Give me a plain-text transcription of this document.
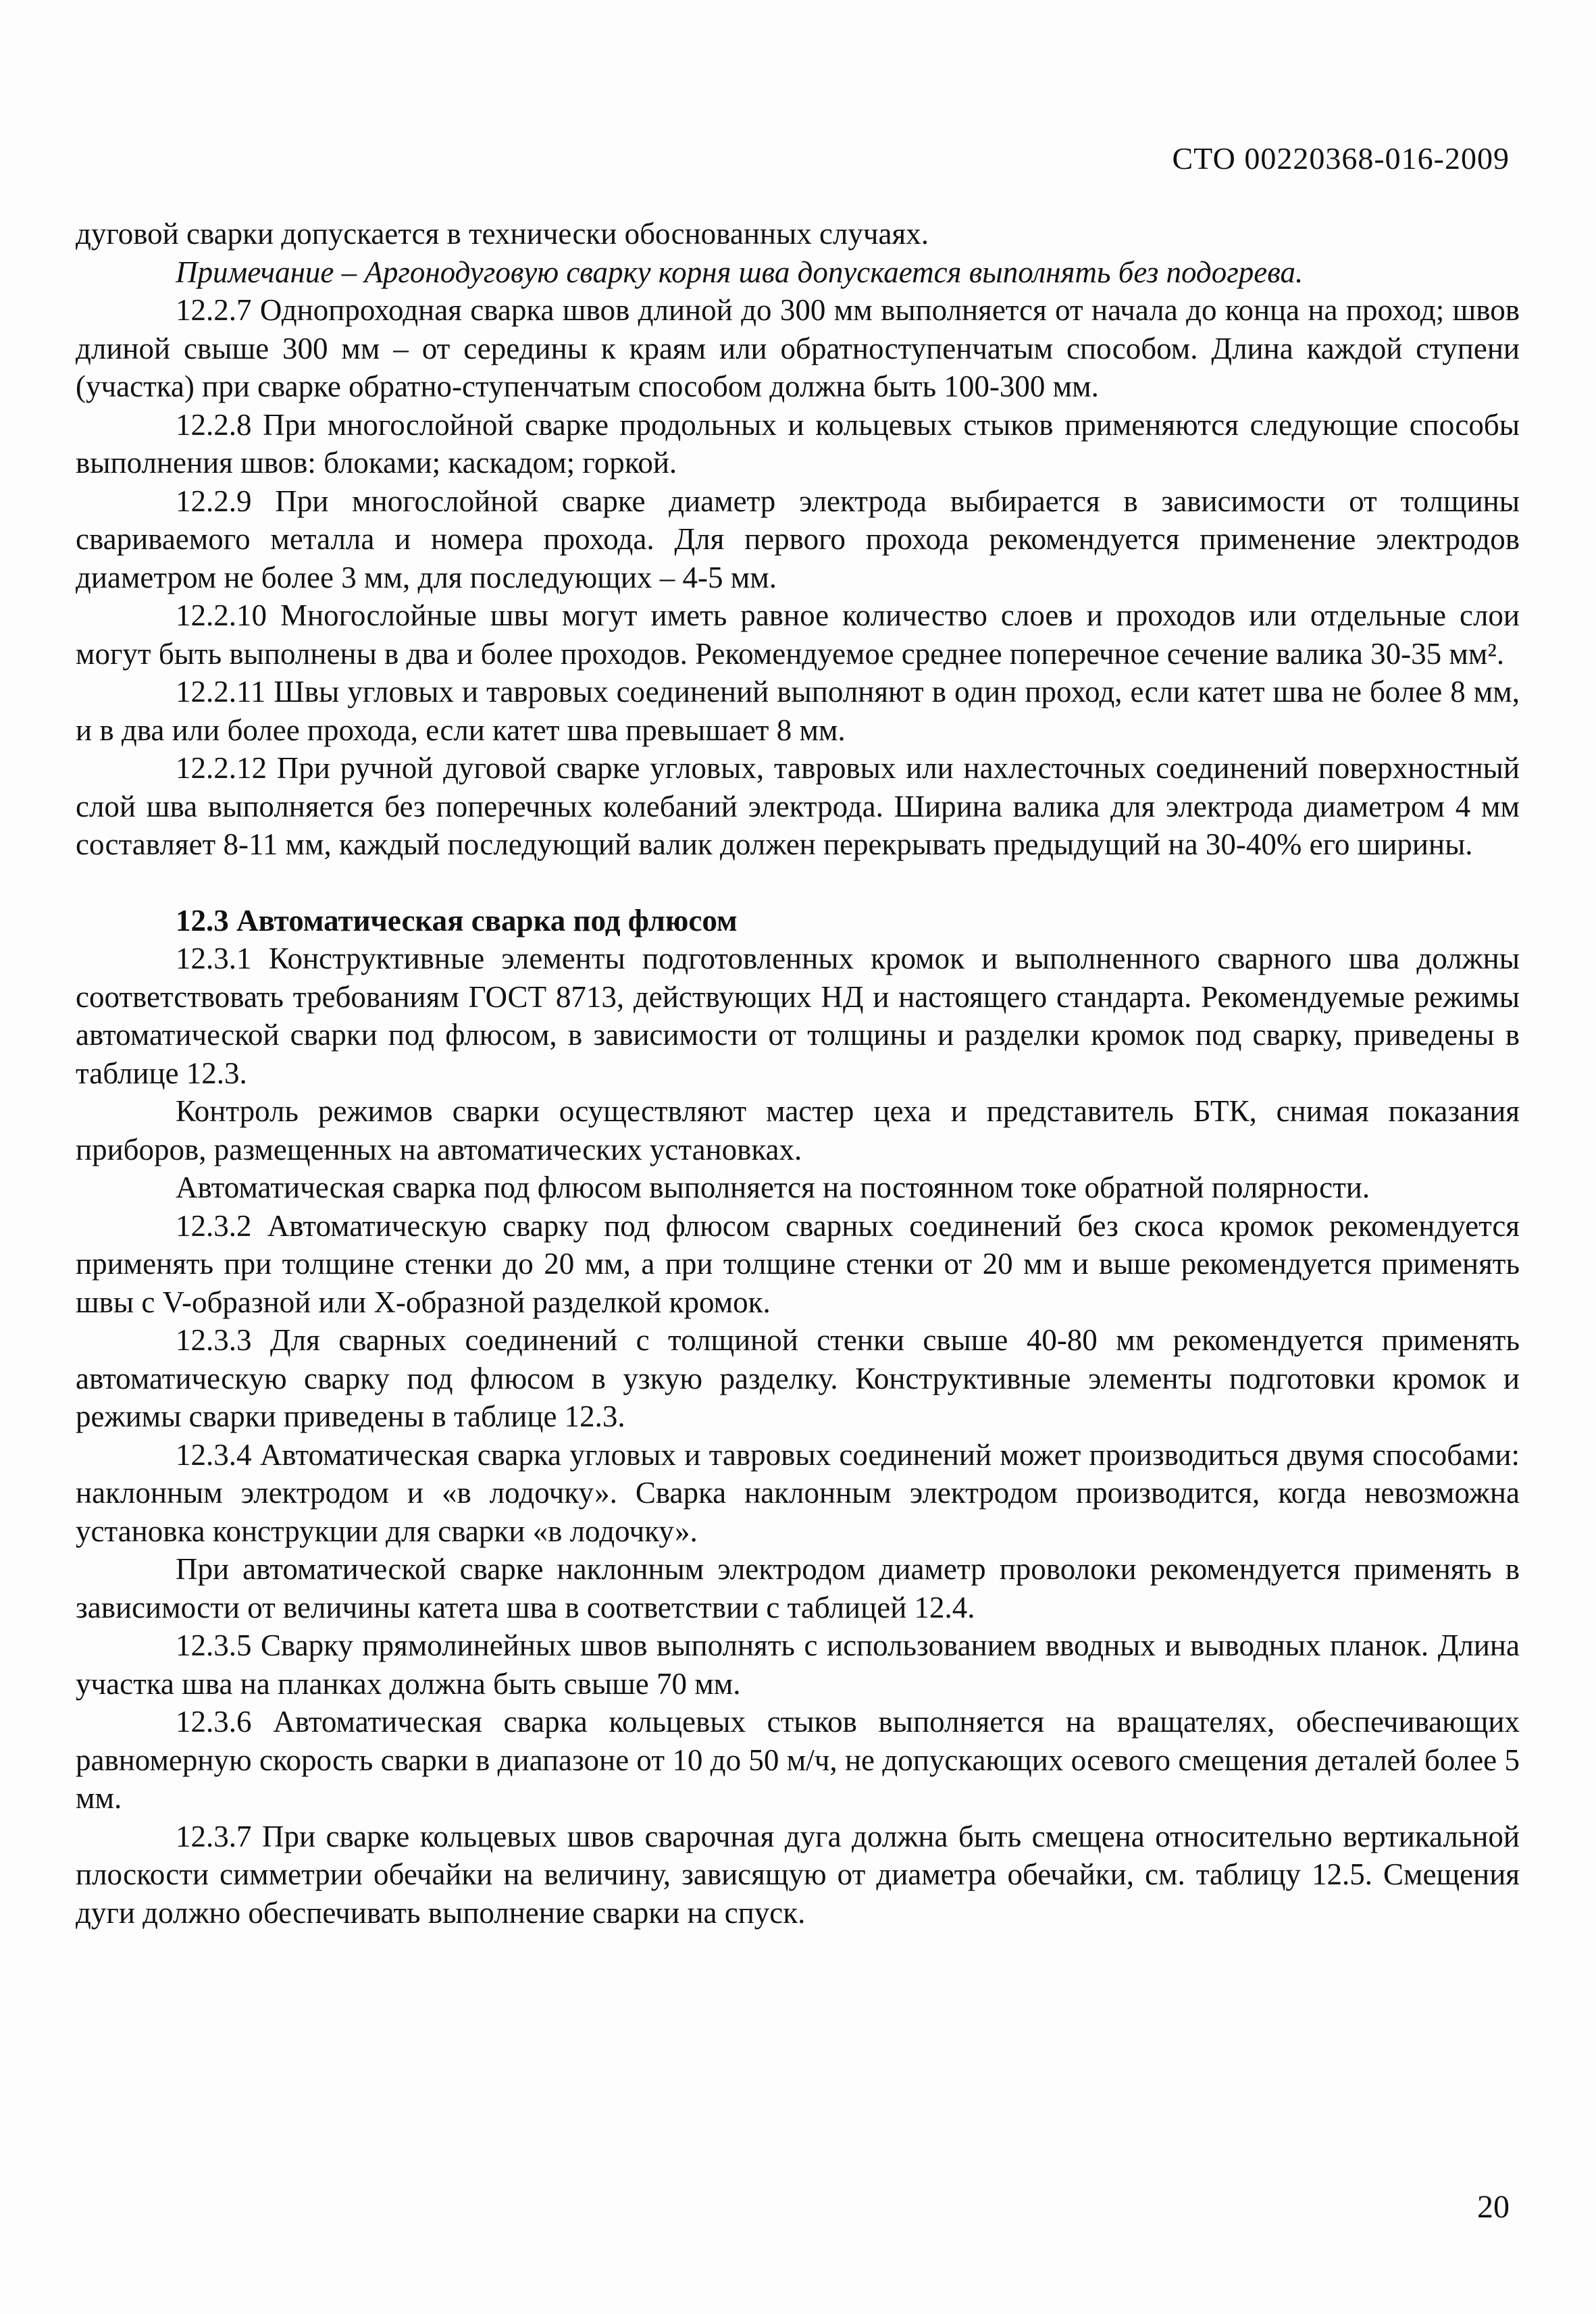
СТО 00220368-016-2009

дуговой сварки допускается в технически обоснованных случаях.

Примечание – Аргонодуговую сварку корня шва допускается выполнять без подогрева.

12.2.7 Однопроходная сварка швов длиной до 300 мм выполняется от начала до конца на проход; швов длиной свыше 300 мм – от середины к краям или обратноступенчатым способом. Длина каждой ступени (участка) при сварке обратно-ступенчатым способом должна быть 100-300 мм.

12.2.8 При многослойной сварке продольных и кольцевых стыков применяются следующие способы выполнения швов: блоками; каскадом; горкой.

12.2.9 При многослойной сварке диаметр электрода выбирается в зависимости от толщины свариваемого металла и номера прохода. Для первого прохода рекомендуется применение электродов диаметром не более 3 мм, для последующих – 4-5 мм.

12.2.10 Многослойные швы могут иметь равное количество слоев и проходов или отдельные слои могут быть выполнены в два и более проходов. Рекомендуемое среднее поперечное сечение валика 30-35 мм².

12.2.11 Швы угловых и тавровых соединений выполняют в один проход, если катет шва не более 8 мм, и в два или более прохода, если катет шва превышает 8 мм.

12.2.12 При ручной дуговой сварке угловых, тавровых или нахлесточных соединений поверхностный слой шва выполняется без поперечных колебаний электрода. Ширина валика для электрода диаметром 4 мм составляет 8-11 мм, каждый последующий валик должен перекрывать предыдущий на 30-40% его ширины.

12.3 Автоматическая сварка под флюсом

12.3.1 Конструктивные элементы подготовленных кромок и выполненного сварного шва должны соответствовать требованиям ГОСТ 8713, действующих НД и настоящего стандарта. Рекомендуемые режимы автоматической сварки под флюсом, в зависимости от толщины и разделки кромок под сварку, приведены в таблице 12.3.

Контроль режимов сварки осуществляют мастер цеха и представитель БТК, снимая показания приборов, размещенных на автоматических установках.

Автоматическая сварка под флюсом выполняется на постоянном токе обратной полярности.

12.3.2 Автоматическую сварку под флюсом сварных соединений без скоса кромок рекомендуется применять при толщине стенки до 20 мм, а при толщине стенки от 20 мм и выше рекомендуется применять швы с V-образной или X-образной разделкой кромок.

12.3.3 Для сварных соединений с толщиной стенки свыше 40-80 мм рекомендуется применять автоматическую сварку под флюсом в узкую разделку. Конструктивные элементы подготовки кромок и режимы сварки приведены в таблице 12.3.

12.3.4 Автоматическая сварка угловых и тавровых соединений может производиться двумя способами: наклонным электродом и «в лодочку». Сварка наклонным электродом производится, когда невозможна установка конструкции для сварки «в лодочку».

При автоматической сварке наклонным электродом диаметр проволоки рекомендуется применять в зависимости от величины катета шва в соответствии с таблицей 12.4.

12.3.5 Сварку прямолинейных швов выполнять с использованием вводных и выводных планок. Длина участка шва на планках должна быть свыше 70 мм.

12.3.6 Автоматическая сварка кольцевых стыков выполняется на вращателях, обеспечивающих равномерную скорость сварки в диапазоне от 10 до 50 м/ч, не допускающих осевого смещения деталей более 5 мм.

12.3.7 При сварке кольцевых швов сварочная дуга должна быть смещена относительно вертикальной плоскости симметрии обечайки на величину, зависящую от диаметра обечайки, см. таблицу 12.5. Смещения дуги должно обеспечивать выполнение сварки на спуск.

20
